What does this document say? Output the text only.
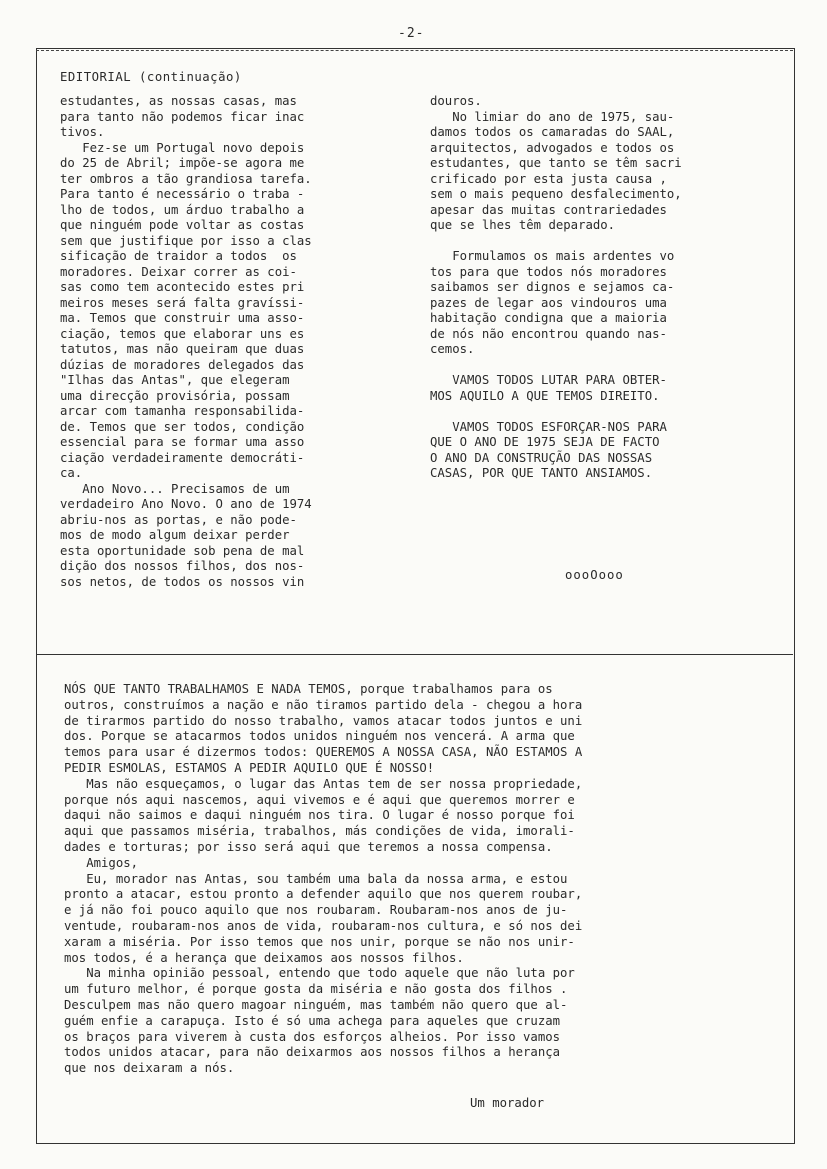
-2-

EDITORIAL (continuação)

estudantes, as nossas casas, mas
para tanto não podemos ficar inac
tivos.
Fez-se um Portugal novo depois
do 25 de Abril; impõe-se agora me
ter ombros a tão grandiosa tarefa.
Para tanto é necessário o traba -
lho de todos, um árduo trabalho a
que ninguém pode voltar as costas
sem que justifique por isso a clas
sificação de traidor a todos  os
moradores. Deixar correr as coi-
sas como tem acontecido estes pri
meiros meses será falta gravíssi-
ma. Temos que construir uma asso-
ciação, temos que elaborar uns es
tatutos, mas não queiram que duas
dúzias de moradores delegados das
"Ilhas das Antas", que elegeram
uma direcção provisória, possam
arcar com tamanha responsabilida-
de. Temos que ser todos, condição
essencial para se formar uma asso
ciação verdadeiramente democráti-
ca.
Ano Novo... Precisamos de um
verdadeiro Ano Novo. O ano de 1974
abriu-nos as portas, e não pode-
mos de modo algum deixar perder
esta oportunidade sob pena de mal
dição dos nossos filhos, dos nos-
sos netos, de todos os nossos vin

douros.
No limiar do ano de 1975, sau-
damos todos os camaradas do SAAL,
arquitectos, advogados e todos os
estudantes, que tanto se têm sacri
crificado por esta justa causa ,
sem o mais pequeno desfalecimento,
apesar das muitas contrariedades
que se lhes têm deparado.

Formulamos os mais ardentes vo
tos para que todos nós moradores
saibamos ser dignos e sejamos ca-
pazes de legar aos vindouros uma
habitação condigna que a maioria
de nós não encontrou quando nas-
cemos.

VAMOS TODOS LUTAR PARA OBTER-
MOS AQUILO A QUE TEMOS DIREITO.

VAMOS TODOS ESFORÇAR-NOS PARA
QUE O ANO DE 1975 SEJA DE FACTO
O ANO DA CONSTRUÇÃO DAS NOSSAS
CASAS, POR QUE TANTO ANSIAMOS.

oooOooo

NÓS QUE TANTO TRABALHAMOS E NADA TEMOS, porque trabalhamos para os
outros, construímos a nação e não tiramos partido dela - chegou a hora
de tirarmos partido do nosso trabalho, vamos atacar todos juntos e uni
dos. Porque se atacarmos todos unidos ninguém nos vencerá. A arma que
temos para usar é dizermos todos: QUEREMOS A NOSSA CASA, NÃO ESTAMOS A
PEDIR ESMOLAS, ESTAMOS A PEDIR AQUILO QUE É NOSSO!
Mas não esqueçamos, o lugar das Antas tem de ser nossa propriedade,
porque nós aqui nascemos, aqui vivemos e é aqui que queremos morrer e
daqui não saimos e daqui ninguém nos tira. O lugar é nosso porque foi
aqui que passamos miséria, trabalhos, más condições de vida, imorali-
dades e torturas; por isso será aqui que teremos a nossa compensa.
Amigos,
Eu, morador nas Antas, sou também uma bala da nossa arma, e estou
pronto a atacar, estou pronto a defender aquilo que nos querem roubar,
e já não foi pouco aquilo que nos roubaram. Roubaram-nos anos de ju-
ventude, roubaram-nos anos de vida, roubaram-nos cultura, e só nos dei
xaram a miséria. Por isso temos que nos unir, porque se não nos unir-
mos todos, é a herança que deixamos aos nossos filhos.
Na minha opinião pessoal, entendo que todo aquele que não luta por
um futuro melhor, é porque gosta da miséria e não gosta dos filhos .
Desculpem mas não quero magoar ninguém, mas também não quero que al-
guém enfie a carapuça. Isto é só uma achega para aqueles que cruzam
os braços para viverem à custa dos esforços alheios. Por isso vamos
todos unidos atacar, para não deixarmos aos nossos filhos a herança
que nos deixaram a nós.

Um morador
